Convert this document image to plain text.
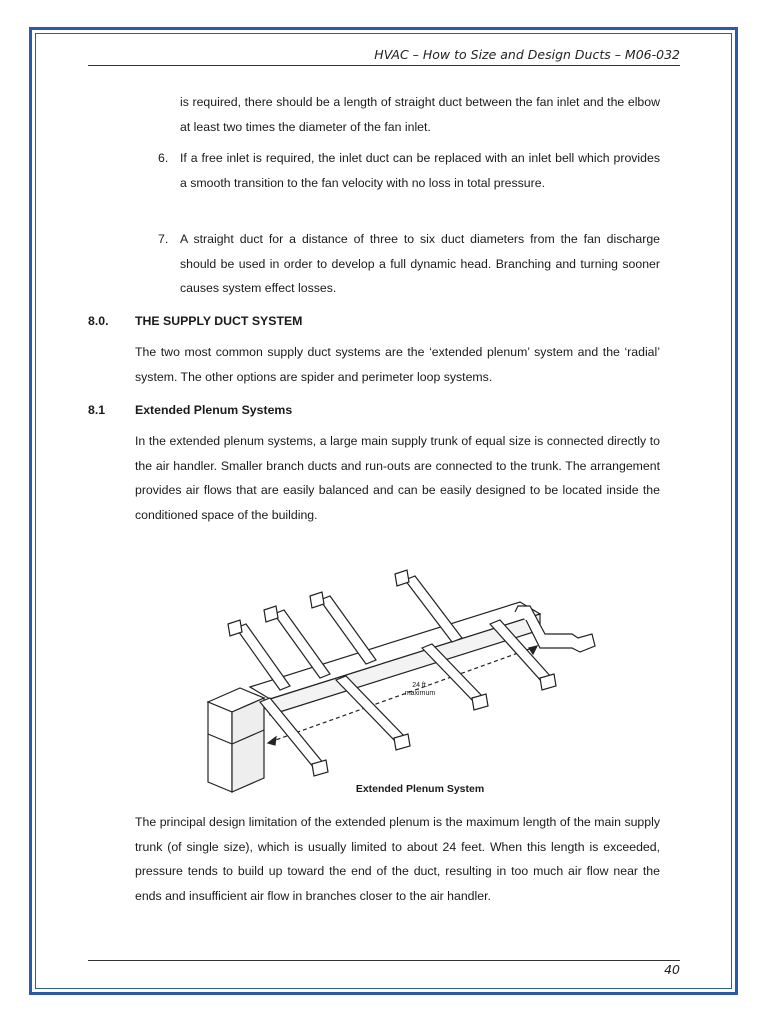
HVAC – How to Size and Design Ducts – M06-032

is required, there should be a length of straight duct between the fan inlet and the elbow at least two times the diameter of the fan inlet.

6. If a free inlet is required, the inlet duct can be replaced with an inlet bell which provides a smooth transition to the fan velocity with no loss in total pressure.

7. A straight duct for a distance of three to six duct diameters from the fan discharge should be used in order to develop a full dynamic head. Branching and turning sooner causes system effect losses.

8.0. THE SUPPLY DUCT SYSTEM

The two most common supply duct systems are the ‘extended plenum’ system and the ‘radial’ system. The other options are spider and perimeter loop systems.

8.1 Extended Plenum Systems

In the extended plenum systems, a large main supply trunk of equal size is connected directly to the air handler. Smaller branch ducts and run-outs are connected to the trunk. The arrangement provides air flows that are easily balanced and can be easily designed to be located inside the conditioned space of the building.

24 ft.
maximum
Extended Plenum System

The principal design limitation of the extended plenum is the maximum length of the main supply trunk (of single size), which is usually limited to about 24 feet. When this length is exceeded, pressure tends to build up toward the end of the duct, resulting in too much air flow near the ends and insufficient air flow in branches closer to the air handler.

40
